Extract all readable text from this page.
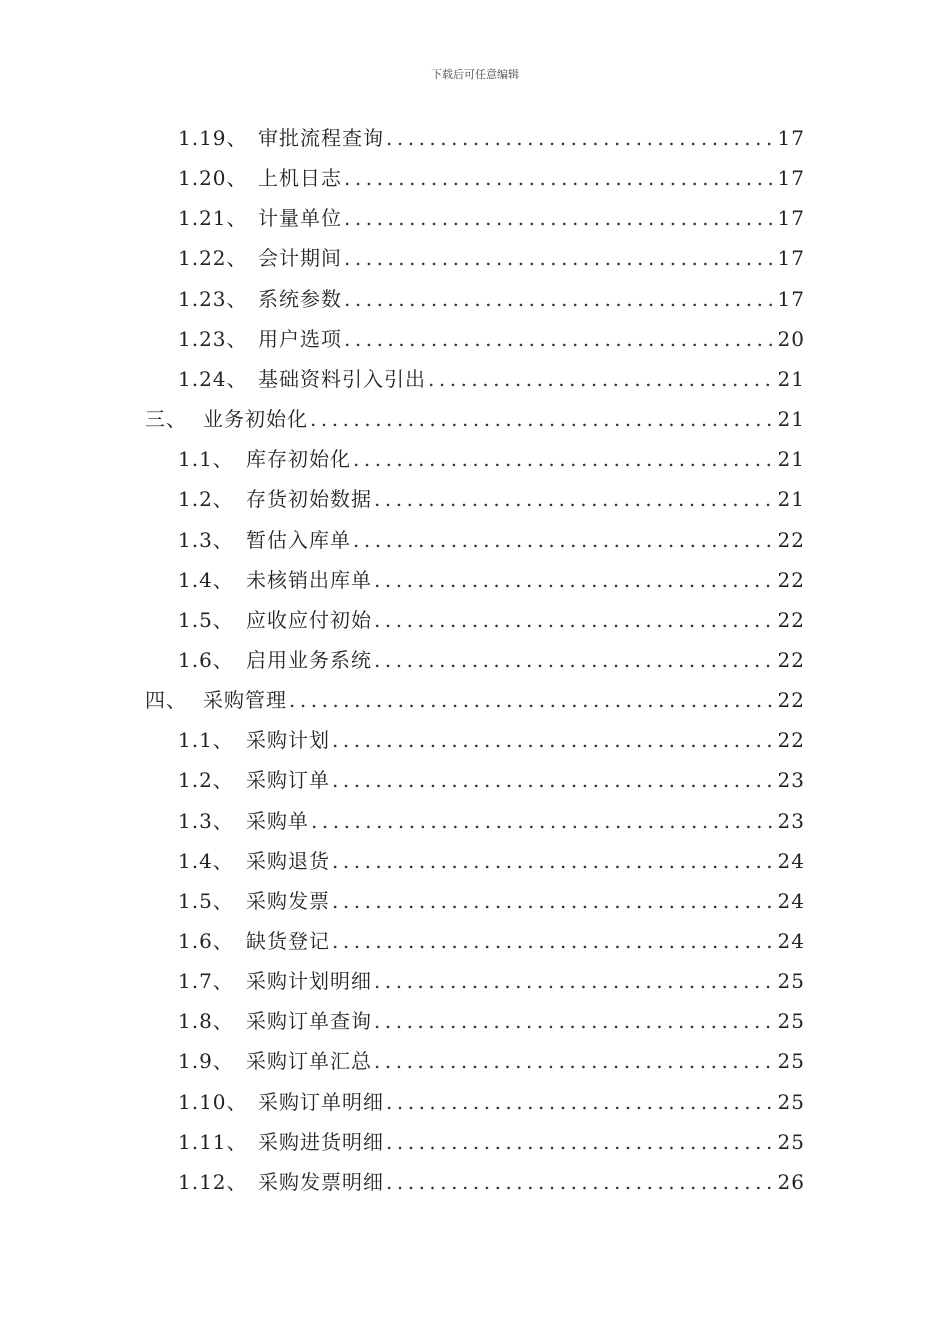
下载后可任意编辑
1.19、 审批流程查询 .....	17
1.20、 上机日志 .....	17
1.21、 计量单位 .....	17
1.22、 会计期间 .....	17
1.23、 系统参数 .....	17
1.23、 用户选项 .....	20
1.24、 基础资料引入引出 .....	21
三、 业务初始化 .....	21
1.1、 库存初始化 .....	21
1.2、 存货初始数据 .....	21
1.3、 暂估入库单 .....	22
1.4、 未核销出库单 .....	22
1.5、 应收应付初始 .....	22
1.6、 启用业务系统 .....	22
四、 采购管理 .....	22
1.1、 采购计划 .....	22
1.2、 采购订单 .....	23
1.3、 采购单 .....	23
1.4、 采购退货 .....	24
1.5、 采购发票 .....	24
1.6、 缺货登记 .....	24
1.7、 采购计划明细 .....	25
1.8、 采购订单查询 .....	25
1.9、 采购订单汇总 .....	25
1.10、 采购订单明细 .....	25
1.11、 采购进货明细 .....	25
1.12、 采购发票明细 .....	26
